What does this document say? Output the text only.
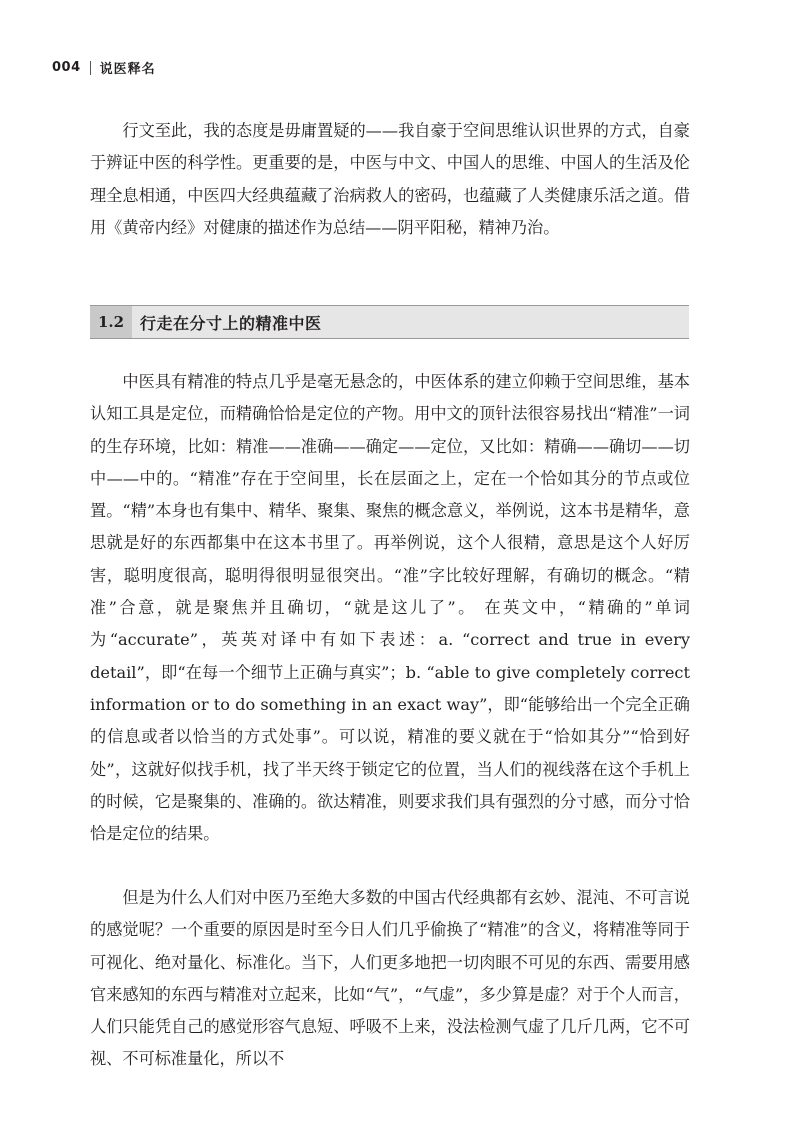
004 说医释名

行文至此，我的态度是毋庸置疑的——我自豪于空间思维认识世界的方式，自豪于辨证中医的科学性。更重要的是，中医与中文、中国人的思维、中国人的生活及伦理全息相通，中医四大经典蕴藏了治病救人的密码，也蕴藏了人类健康乐活之道。借用《黄帝内经》对健康的描述作为总结——阴平阳秘，精神乃治。

1.2 行走在分寸上的精准中医

中医具有精准的特点几乎是毫无悬念的，中医体系的建立仰赖于空间思维，基本认知工具是定位，而精确恰恰是定位的产物。用中文的顶针法很容易找出“精准”一词的生存环境，比如：精准——准确——确定——定位，又比如：精确——确切——切中——中的。“精准”存在于空间里，长在层面之上，定在一个恰如其分的节点或位置。“精”本身也有集中、精华、聚集、聚焦的概念意义，举例说，这本书是精华，意思就是好的东西都集中在这本书里了。再举例说，这个人很精，意思是这个人好厉害，聪明度很高，聪明得很明显很突出。“准”字比较好理解，有确切的概念。“精准”合意，就是聚焦并且确切，“就是这儿了”。 在英文中，“精确的”单词为“accurate”，英英对译中有如下表述：a. “correct and true in every detail”，即“在每一个细节上正确与真实”；b. “able to give completely correct information or to do something in an exact way”，即“能够给出一个完全正确的信息或者以恰当的方式处事”。可以说，精准的要义就在于“恰如其分”“恰到好处”，这就好似找手机，找了半天终于锁定它的位置，当人们的视线落在这个手机上的时候，它是聚集的、准确的。欲达精准，则要求我们具有强烈的分寸感，而分寸恰恰是定位的结果。

但是为什么人们对中医乃至绝大多数的中国古代经典都有玄妙、混沌、不可言说的感觉呢？一个重要的原因是时至今日人们几乎偷换了“精准”的含义，将精准等同于可视化、绝对量化、标准化。当下，人们更多地把一切肉眼不可见的东西、需要用感官来感知的东西与精准对立起来，比如“气”，“气虚”，多少算是虚？对于个人而言，人们只能凭自己的感觉形容气息短、呼吸不上来，没法检测气虚了几斤几两，它不可视、不可标准量化，所以不
